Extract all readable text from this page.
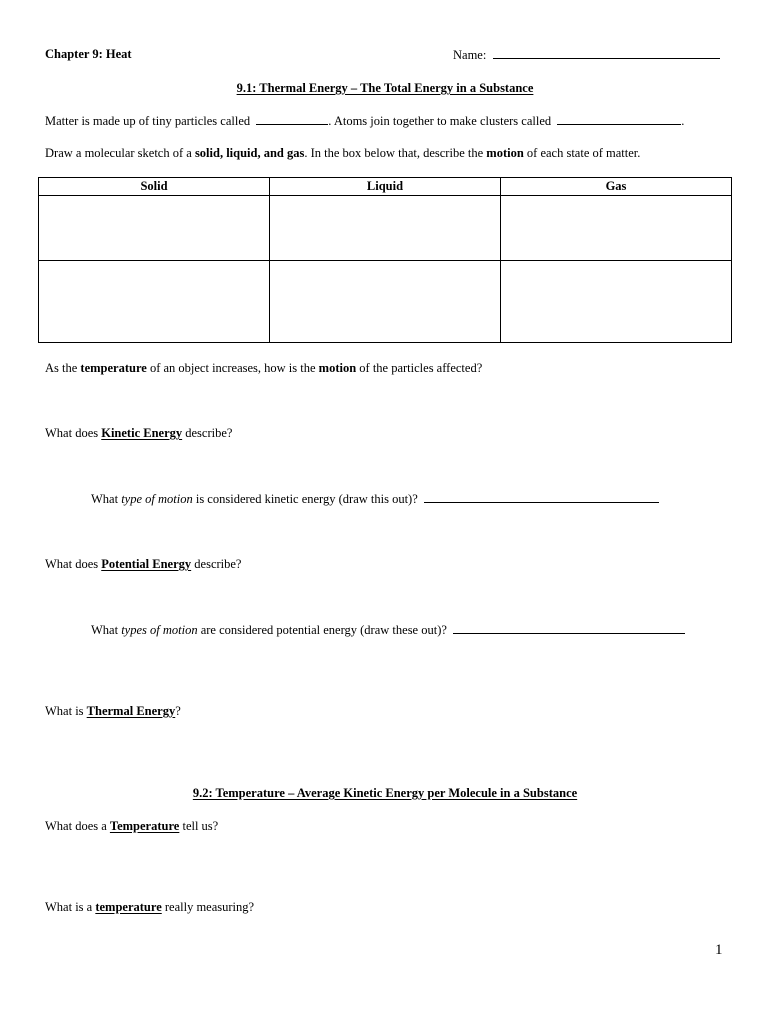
Chapter 9: Heat	Name:
9.1: Thermal Energy – The Total Energy in a Substance
Matter is made up of tiny particles called	. Atoms join together to make clusters called	.
Draw a molecular sketch of a solid, liquid, and gas. In the box below that, describe the motion of each state of matter.
Solid	Liquid	Gas

As the temperature of an object increases, how is the motion of the particles affected?
What does Kinetic Energy describe?
What type of motion is considered kinetic energy (draw this out)?
What does Potential Energy describe?
What types of motion are considered potential energy (draw these out)?
What is Thermal Energy?
9.2: Temperature – Average Kinetic Energy per Molecule in a Substance
What does a Temperature tell us?
What is a temperature really measuring?
1
